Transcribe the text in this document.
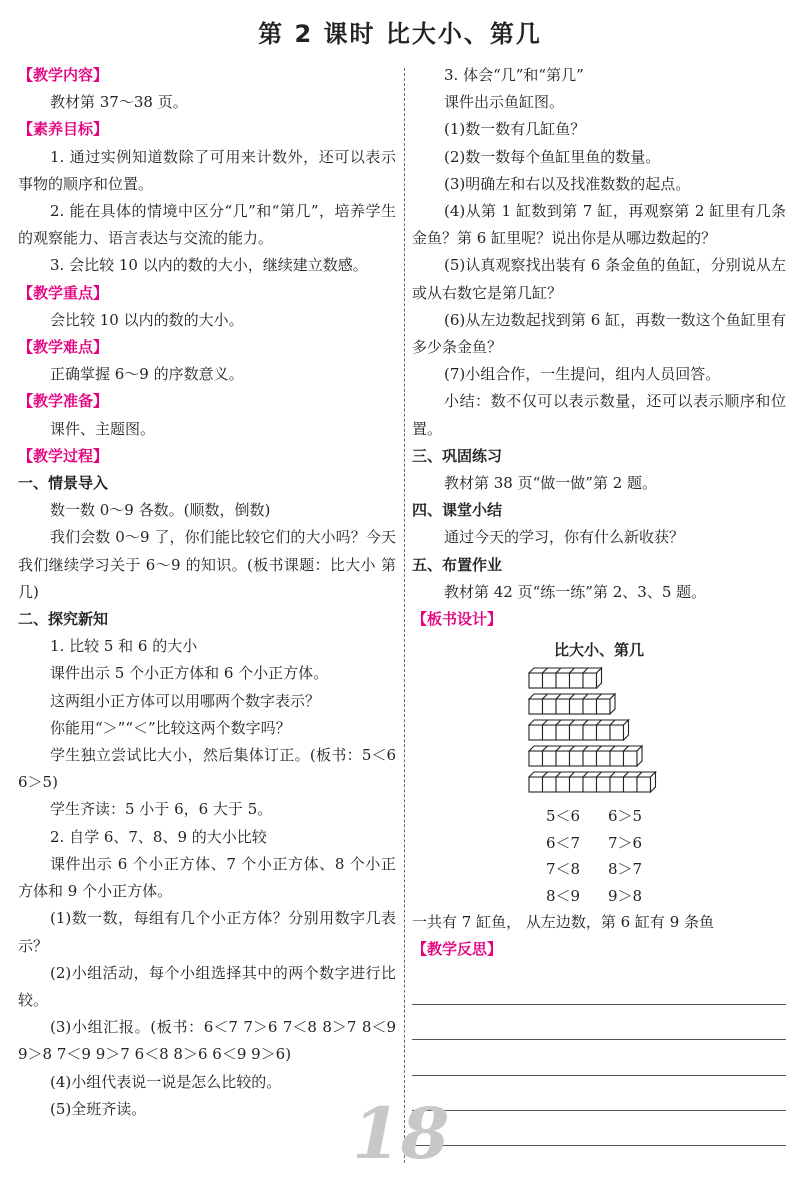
第 2 课时 比大小、第几
【教学内容】
教材第 37～38 页。
【素养目标】
1. 通过实例知道数除了可用来计数外，还可以表示事物的顺序和位置。
2. 能在具体的情境中区分“几”和“第几”，培养学生的观察能力、语言表达与交流的能力。
3. 会比较 10 以内的数的大小，继续建立数感。
【教学重点】
会比较 10 以内的数的大小。
【教学难点】
正确掌握 6～9 的序数意义。
【教学准备】
课件、主题图。
【教学过程】
一、情景导入
数一数 0～9 各数。(顺数，倒数)
我们会数 0～9 了，你们能比较它们的大小吗？今天我们继续学习关于 6～9 的知识。(板书课题：比大小 第几)
二、探究新知
1. 比较 5 和 6 的大小
课件出示 5 个小正方体和 6 个小正方体。
这两组小正方体可以用哪两个数字表示？
你能用“＞”“＜”比较这两个数字吗？
学生独立尝试比大小，然后集体订正。(板书：5＜6 6＞5)
学生齐读：5 小于 6，6 大于 5。
2. 自学 6、7、8、9 的大小比较
课件出示 6 个小正方体、7 个小正方体、8 个小正方体和 9 个小正方体。
(1)数一数，每组有几个小正方体？分别用数字几表示？
(2)小组活动，每个小组选择其中的两个数字进行比较。
(3)小组汇报。(板书：6＜7 7＞6 7＜8 8＞7 8＜9 9＞8 7＜9 9＞7 6＜8 8＞6 6＜9 9＞6)
(4)小组代表说一说是怎么比较的。
(5)全班齐读。
3. 体会“几”和“第几”
课件出示鱼缸图。
(1)数一数有几缸鱼？
(2)数一数每个鱼缸里鱼的数量。
(3)明确左和右以及找准数数的起点。
(4)从第 1 缸数到第 7 缸，再观察第 2 缸里有几条金鱼？第 6 缸里呢？说出你是从哪边数起的？
(5)认真观察找出装有 6 条金鱼的鱼缸，分别说从左或从右数它是第几缸？
(6)从左边数起找到第 6 缸，再数一数这个鱼缸里有多少条金鱼？
(7)小组合作，一生提问，组内人员回答。
小结：数不仅可以表示数量，还可以表示顺序和位置。
三、巩固练习
教材第 38 页“做一做”第 2 题。
四、课堂小结
通过今天的学习，你有什么新收获？
五、布置作业
教材第 42 页“练一练”第 2、3、5 题。
【板书设计】
比大小、第几
5＜6 6＞5
6＜7 7＞6
7＜8 8＞7
8＜9 9＞8
一共有 7 缸鱼， 从左边数，第 6 缸有 9 条鱼
【教学反思】
18
